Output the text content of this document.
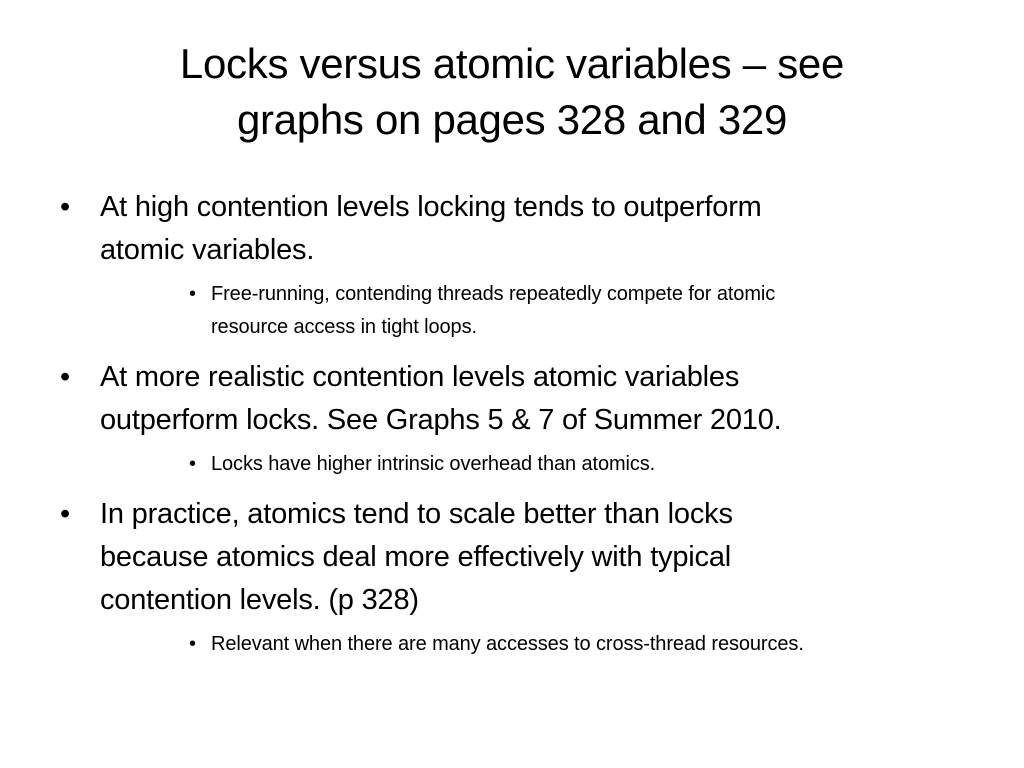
Locks versus atomic variables – see
graphs on pages 328 and 329
• At high contention levels locking tends to outperform
atomic variables.
• Free-running, contending threads repeatedly compete for atomic
resource access in tight loops.
• At more realistic contention levels atomic variables
outperform locks. See Graphs 5 & 7 of Summer 2010.
• Locks have higher intrinsic overhead than atomics.
• In practice, atomics tend to scale better than locks
because atomics deal more effectively with typical
contention levels. (p 328)
• Relevant when there are many accesses to cross-thread resources.
